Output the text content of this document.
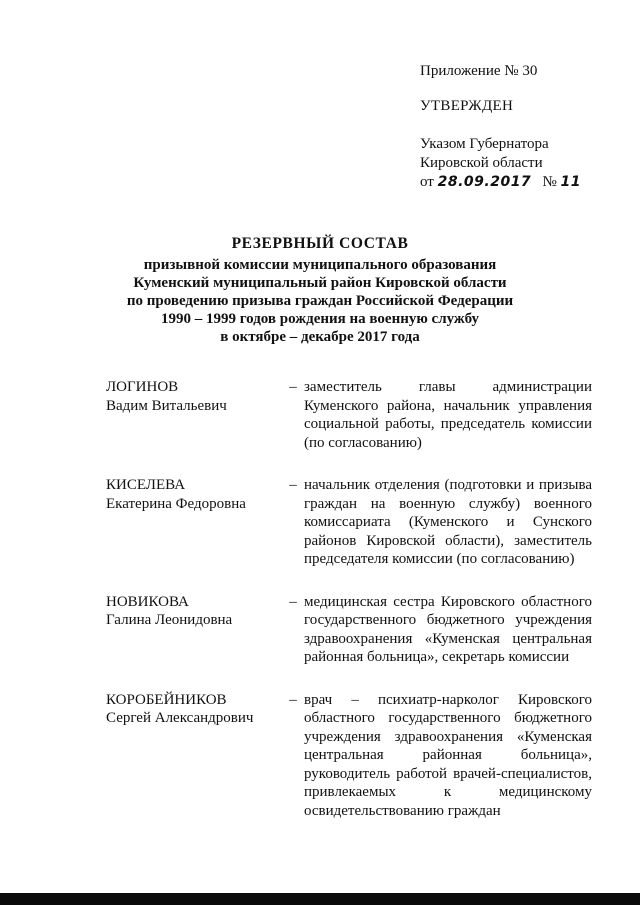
Приложение № 30

УТВЕРЖДЕН

Указом Губернатора

Кировской области

от 28.09.2017 № 11

РЕЗЕРВНЫЙ СОСТАВ
призывной комиссии муниципального образования
Куменский муниципальный район Кировской области
по проведению призыва граждан Российской Федерации
1990 – 1999 годов рождения на военную службу
в октябре – декабре 2017 года
ЛОГИНОВ
Вадим Витальевич
– заместитель главы администрации Куменского района, начальник управления социальной работы, председатель комиссии (по согласованию)
КИСЕЛЕВА
Екатерина Федоровна
– начальник отделения (подготовки и призыва граждан на военную службу) военного комиссариата (Куменского и Сунского районов Кировской области), заместитель председателя комиссии (по согласованию)
НОВИКОВА
Галина Леонидовна
– медицинская сестра Кировского областного государственного бюджетного учреждения здравоохранения «Куменская центральная районная больница», секретарь комиссии
КОРОБЕЙНИКОВ
Сергей Александрович
– врач – психиатр-нарколог Кировского областного государственного бюджетного учреждения здравоохранения «Куменская центральная районная больница», руководитель работой врачей-специалистов, привлекаемых к медицинскому освидетельствованию граждан
